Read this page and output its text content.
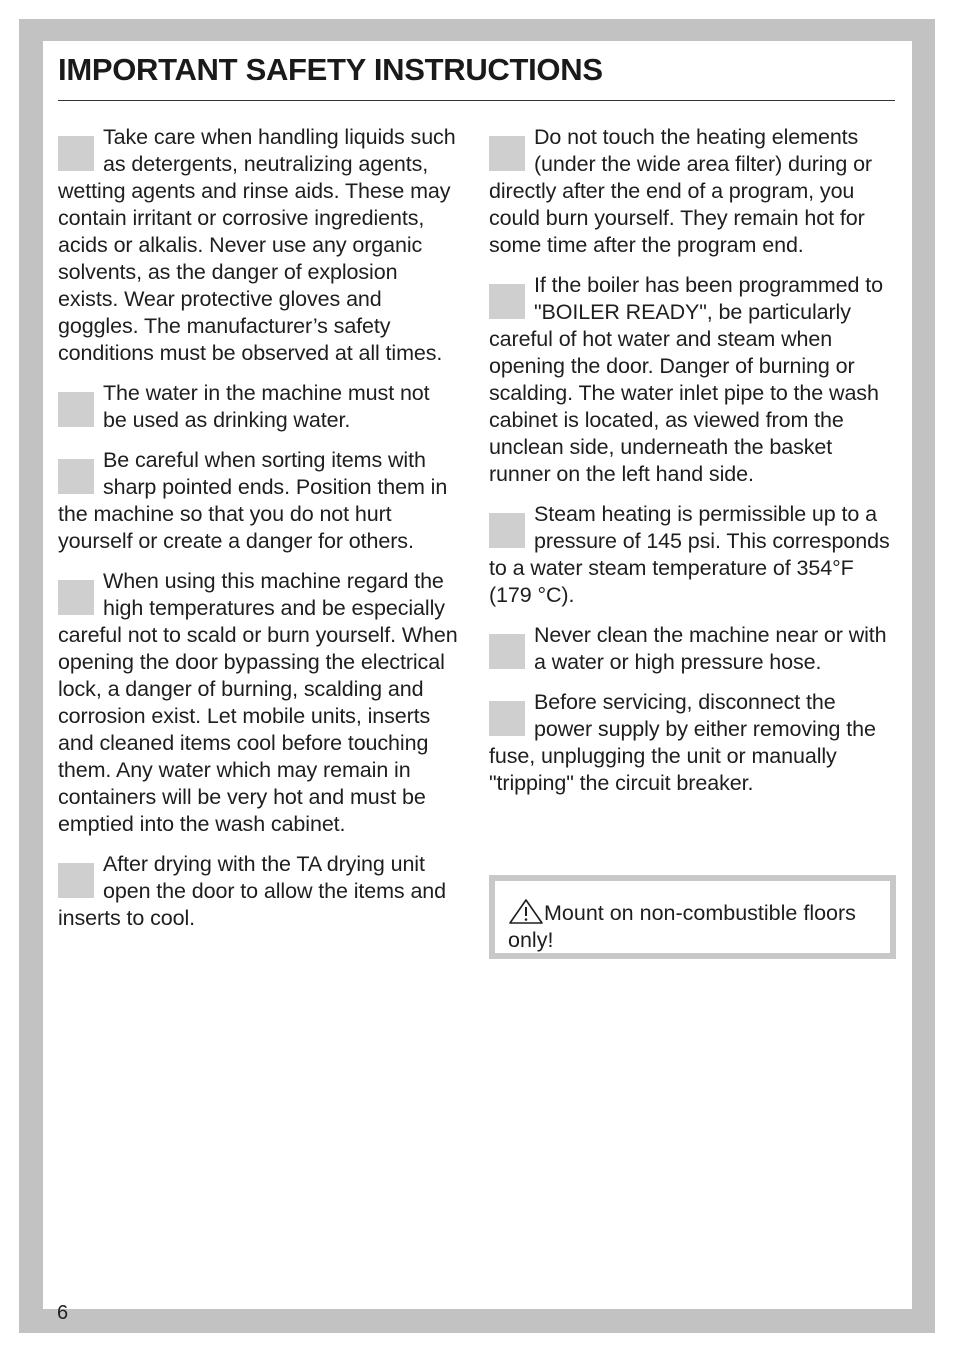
IMPORTANT SAFETY INSTRUCTIONS

Take care when handling liquids such as detergents, neutralizing agents, wetting agents and rinse aids. These may contain irritant or corrosive ingredients, acids or alkalis. Never use any organic solvents, as the danger of explosion exists. Wear protective gloves and goggles. The manufacturer’s safety conditions must be observed at all times.

The water in the machine must not be used as drinking water.

Be careful when sorting items with sharp pointed ends. Position them in the machine so that you do not hurt yourself or create a danger for others.

When using this machine regard the high temperatures and be especially careful not to scald or burn yourself. When opening the door bypassing the electrical lock, a danger of burning, scalding and corrosion exist. Let mobile units, inserts and cleaned items cool before touching them. Any water which may remain in containers will be very hot and must be emptied into the wash cabinet.

After drying with the TA drying unit open the door to allow the items and inserts to cool.

Do not touch the heating elements (under the wide area filter) during or directly after the end of a program, you could burn yourself. They remain hot for some time after the program end.

If the boiler has been programmed to "BOILER READY", be particularly careful of hot water and steam when opening the door. Danger of burning or scalding. The water inlet pipe to the wash cabinet is located, as viewed from the unclean side, underneath the basket runner on the left hand side.

Steam heating is permissible up to a pressure of 145 psi. This corresponds to a water steam temperature of 354°F (179 °C).

Never clean the machine near or with a water or high pressure hose.

Before servicing, disconnect the power supply by either removing the fuse, unplugging the unit or manually "tripping" the circuit breaker.

Mount on non-combustible floors only!
6
